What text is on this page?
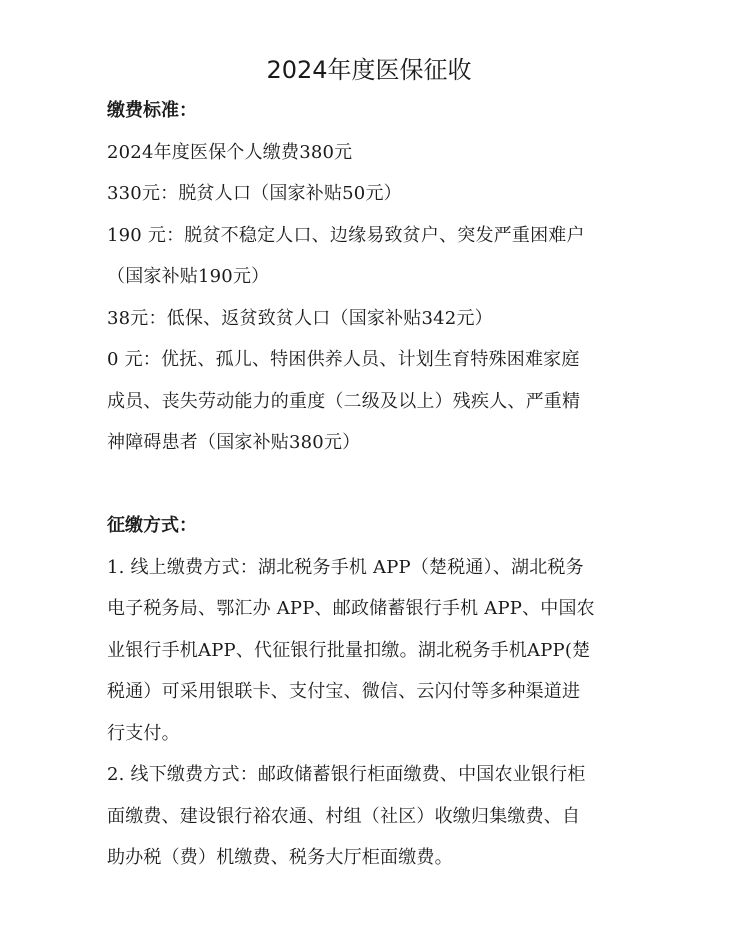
2024年度医保征收
缴费标准：
2024年度医保个人缴费380元
330元：脱贫人口（国家补贴50元）
190 元：脱贫不稳定人口、边缘易致贫户、突发严重困难户
（国家补贴190元）
38元：低保、返贫致贫人口（国家补贴342元）
0 元：优抚、孤儿、特困供养人员、计划生育特殊困难家庭
成员、丧失劳动能力的重度（二级及以上）残疾人、严重精
神障碍患者（国家补贴380元）
征缴方式：
1. 线上缴费方式：湖北税务手机 APP（楚税通）、湖北税务
电子税务局、鄂汇办 APP、邮政储蓄银行手机 APP、中国农
业银行手机APP、代征银行批量扣缴。湖北税务手机APP(楚
税通）可采用银联卡、支付宝、微信、云闪付等多种渠道进
行支付。
2. 线下缴费方式：邮政储蓄银行柜面缴费、中国农业银行柜
面缴费、建设银行裕农通、村组（社区）收缴归集缴费、自
助办税（费）机缴费、税务大厅柜面缴费。
